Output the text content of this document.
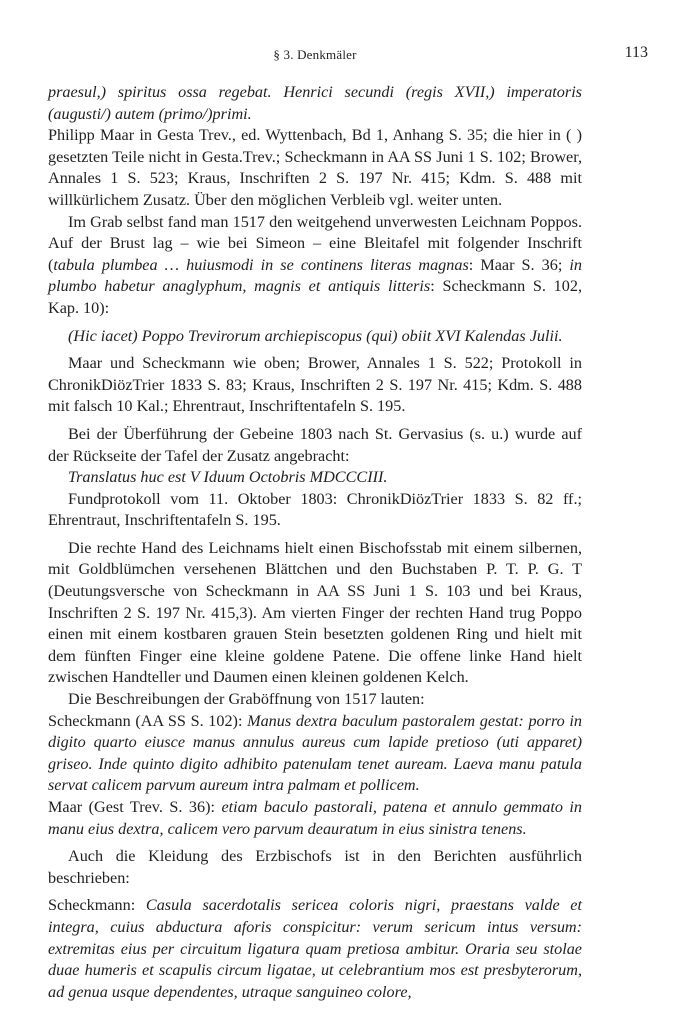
§ 3. Denkmäler	113

praesul,) spiritus ossa regebat. Henrici secundi (regis XVII,) imperatoris (augusti/) autem (primo/)primi.

Philipp Maar in Gesta Trev., ed. Wyttenbach, Bd 1, Anhang S. 35; die hier in ( ) gesetzten Teile nicht in Gesta.Trev.; Scheckmann in AA SS Juni 1 S. 102; Brower, Annales 1 S. 523; Kraus, Inschriften 2 S. 197 Nr. 415; Kdm. S. 488 mit willkürlichem Zusatz. Über den möglichen Verbleib vgl. weiter unten.

Im Grab selbst fand man 1517 den weitgehend unverwesten Leichnam Poppos. Auf der Brust lag – wie bei Simeon – eine Bleitafel mit folgender Inschrift (tabula plumbea … huiusmodi in se continens literas magnas: Maar S. 36; in plumbo habetur anaglyphum, magnis et antiquis litteris: Scheckmann S. 102, Kap. 10):

(Hic iacet) Poppo Trevirorum archiepiscopus (qui) obiit XVI Kalendas Julii.

Maar und Scheckmann wie oben; Brower, Annales 1 S. 522; Protokoll in ChronikDiözTrier 1833 S. 83; Kraus, Inschriften 2 S. 197 Nr. 415; Kdm. S. 488 mit falsch 10 Kal.; Ehrentraut, Inschriftentafeln S. 195.

Bei der Überführung der Gebeine 1803 nach St. Gervasius (s. u.) wurde auf der Rückseite der Tafel der Zusatz angebracht:

Translatus huc est V Iduum Octobris MDCCCIII.

Fundprotokoll vom 11. Oktober 1803: ChronikDiözTrier 1833 S. 82 ff.; Ehrentraut, Inschriftentafeln S. 195.

Die rechte Hand des Leichnams hielt einen Bischofsstab mit einem silbernen, mit Goldblümchen versehenen Blättchen und den Buchstaben P. T. P. G. T (Deutungsversche von Scheckmann in AA SS Juni 1 S. 103 und bei Kraus, Inschriften 2 S. 197 Nr. 415,3). Am vierten Finger der rechten Hand trug Poppo einen mit einem kostbaren grauen Stein besetzten goldenen Ring und hielt mit dem fünften Finger eine kleine goldene Patene. Die offene linke Hand hielt zwischen Handteller und Daumen einen kleinen goldenen Kelch.

Die Beschreibungen der Graböffnung von 1517 lauten:

Scheckmann (AA SS S. 102): Manus dextra baculum pastoralem gestat: porro in digito quarto eiusce manus annulus aureus cum lapide pretioso (uti apparet) griseo. Inde quinto digito adhibito patenulam tenet auream. Laeva manu patula servat calicem parvum aureum intra palmam et pollicem.

Maar (Gest Trev. S. 36): etiam baculo pastorali, patena et annulo gemmato in manu eius dextra, calicem vero parvum deauratum in eius sinistra tenens.

Auch die Kleidung des Erzbischofs ist in den Berichten ausführlich beschrieben:

Scheckmann: Casula sacerdotalis sericea coloris nigri, praestans valde et integra, cuius abductura aforis conspicitur: verum sericum intus versum: extremitas eius per circuitum ligatura quam pretiosa ambitur. Oraria seu stolae duae humeris et scapulis circum ligatae, ut celebrantium mos est presbyterorum, ad genua usque dependentes, utraque sanguineo colore,
